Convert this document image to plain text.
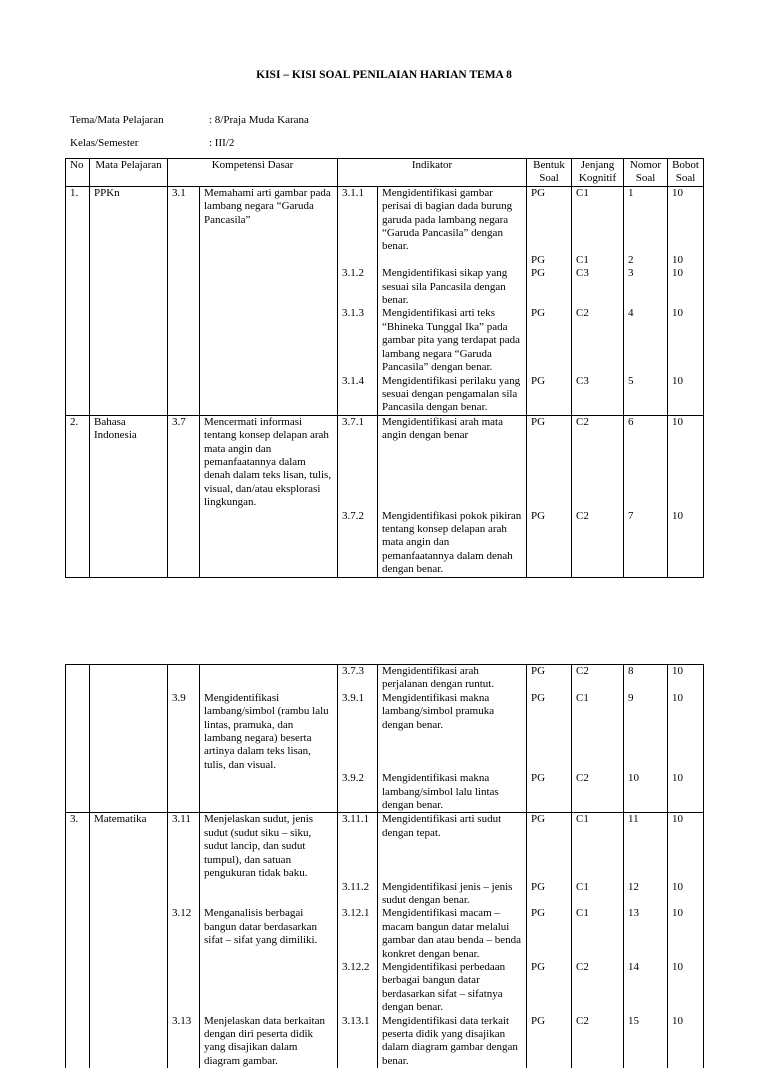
KISI – KISI SOAL PENILAIAN HARIAN TEMA 8
Tema/Mata Pelajaran	: 8/Praja Muda Karana
Kelas/Semester	: III/2
No	Mata Pelajaran	Kompetensi Dasar		Indikator		Bentuk Soal	Jenjang Kognitif	Nomor Soal	Bobot Soal
1.	PPKn	3.1	Memahami arti gambar pada lambang negara “Garuda Pancasila”	3.1.1	Mengidentifikasi gambar perisai di bagian dada burung garuda pada lambang negara “Garuda Pancasila” dengan benar.	PG	C1	1	10
						PG	C1	2	10
				3.1.2	Mengidentifikasi sikap yang sesuai sila Pancasila dengan benar.	PG	C3	3	10
				3.1.3	Mengidentifikasi arti teks “Bhineka Tunggal Ika” pada gambar pita yang terdapat pada lambang negara “Garuda Pancasila” dengan benar.	PG	C2	4	10
				3.1.4	Mengidentifikasi perilaku yang sesuai dengan pengamalan sila Pancasila dengan benar.	PG	C3	5	10
2.	Bahasa Indonesia	3.7	Mencermati informasi tentang konsep delapan arah mata angin dan pemanfaatannya dalam denah dalam teks lisan, tulis, visual, dan/atau eksplorasi lingkungan.	3.7.1	Mengidentifikasi arah mata angin dengan benar	PG	C2	6	10
				3.7.2	Mengidentifikasi pokok pikiran tentang konsep delapan arah mata angin dan pemanfaatannya dalam denah dengan benar.	PG	C2	7	10
				3.7.3	Mengidentifikasi arah perjalanan dengan runtut.	PG	C2	8	10
		3.9	Mengidentifikasi lambang/simbol (rambu lalu lintas, pramuka, dan lambang negara) beserta artinya dalam teks lisan, tulis, dan visual.	3.9.1	Mengidentifikasi makna lambang/simbol pramuka dengan benar.	PG	C1	9	10
				3.9.2	Mengidentifikasi makna lambang/simbol lalu lintas dengan benar.	PG	C2	10	10
3.	Matematika	3.11	Menjelaskan sudut, jenis sudut (sudut siku – siku, sudut lancip, dan sudut tumpul), dan satuan pengukuran tidak baku.	3.11.1	Mengidentifikasi arti sudut dengan tepat.	PG	C1	11	10
				3.11.2	Mengidentifikasi jenis – jenis sudut dengan benar.	PG	C1	12	10
		3.12	Menganalisis berbagai bangun datar berdasarkan sifat – sifat yang dimiliki.	3.12.1	Mengidentifikasi macam – macam bangun datar melalui gambar dan atau benda – benda konkret dengan benar.	PG	C1	13	10
				3.12.2	Mengidentifikasi perbedaan berbagai bangun datar berdasarkan sifat – sifatnya dengan benar.	PG	C2	14	10
		3.13	Menjelaskan data berkaitan dengan diri peserta didik yang disajikan dalam diagram gambar.	3.13.1	Mengidentifikasi data terkait peserta didik yang disajikan dalam diagram gambar dengan benar.	PG	C2	15	10
